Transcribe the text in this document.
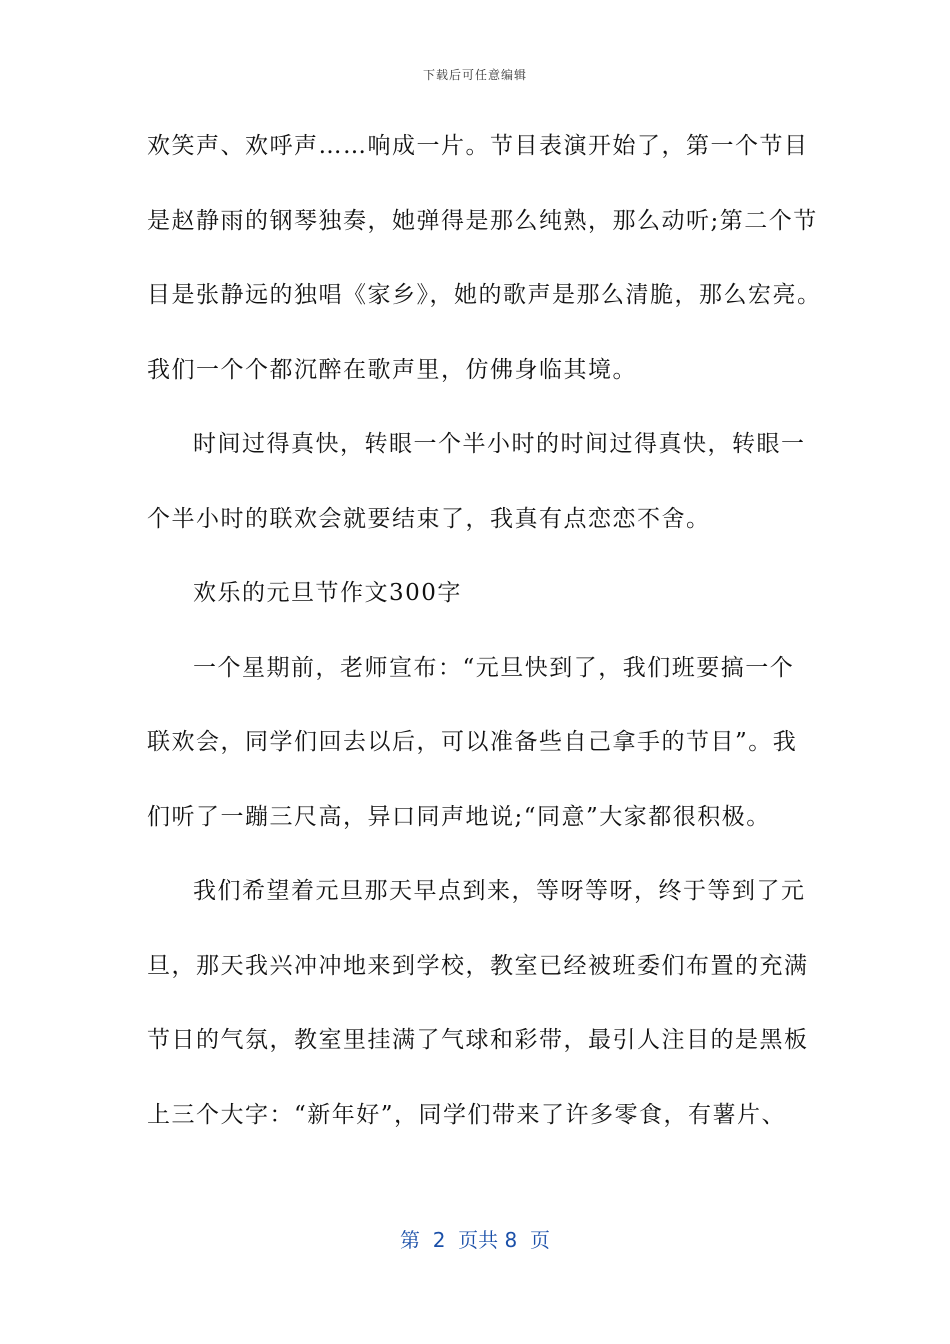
下载后可任意编辑
欢笑声、欢呼声……响成一片。节目表演开始了，第一个节目
是赵静雨的钢琴独奏，她弹得是那么纯熟，那么动听;第二个节
目是张静远的独唱《家乡》，她的歌声是那么清脆，那么宏亮。
我们一个个都沉醉在歌声里，仿佛身临其境。
时间过得真快，转眼一个半小时的时间过得真快，转眼一
个半小时的联欢会就要结束了，我真有点恋恋不舍。
欢乐的元旦节作文300字
一个星期前，老师宣布：“元旦快到了，我们班要搞一个
联欢会，同学们回去以后，可以准备些自己拿手的节目”。我
们听了一蹦三尺高，异口同声地说;“同意”大家都很积极。
我们希望着元旦那天早点到来，等呀等呀，终于等到了元
旦，那天我兴冲冲地来到学校，教室已经被班委们布置的充满
节日的气氛，教室里挂满了气球和彩带，最引人注目的是黑板
上三个大字：“新年好”，同学们带来了许多零食，有薯片、
第  2  页共 8  页
